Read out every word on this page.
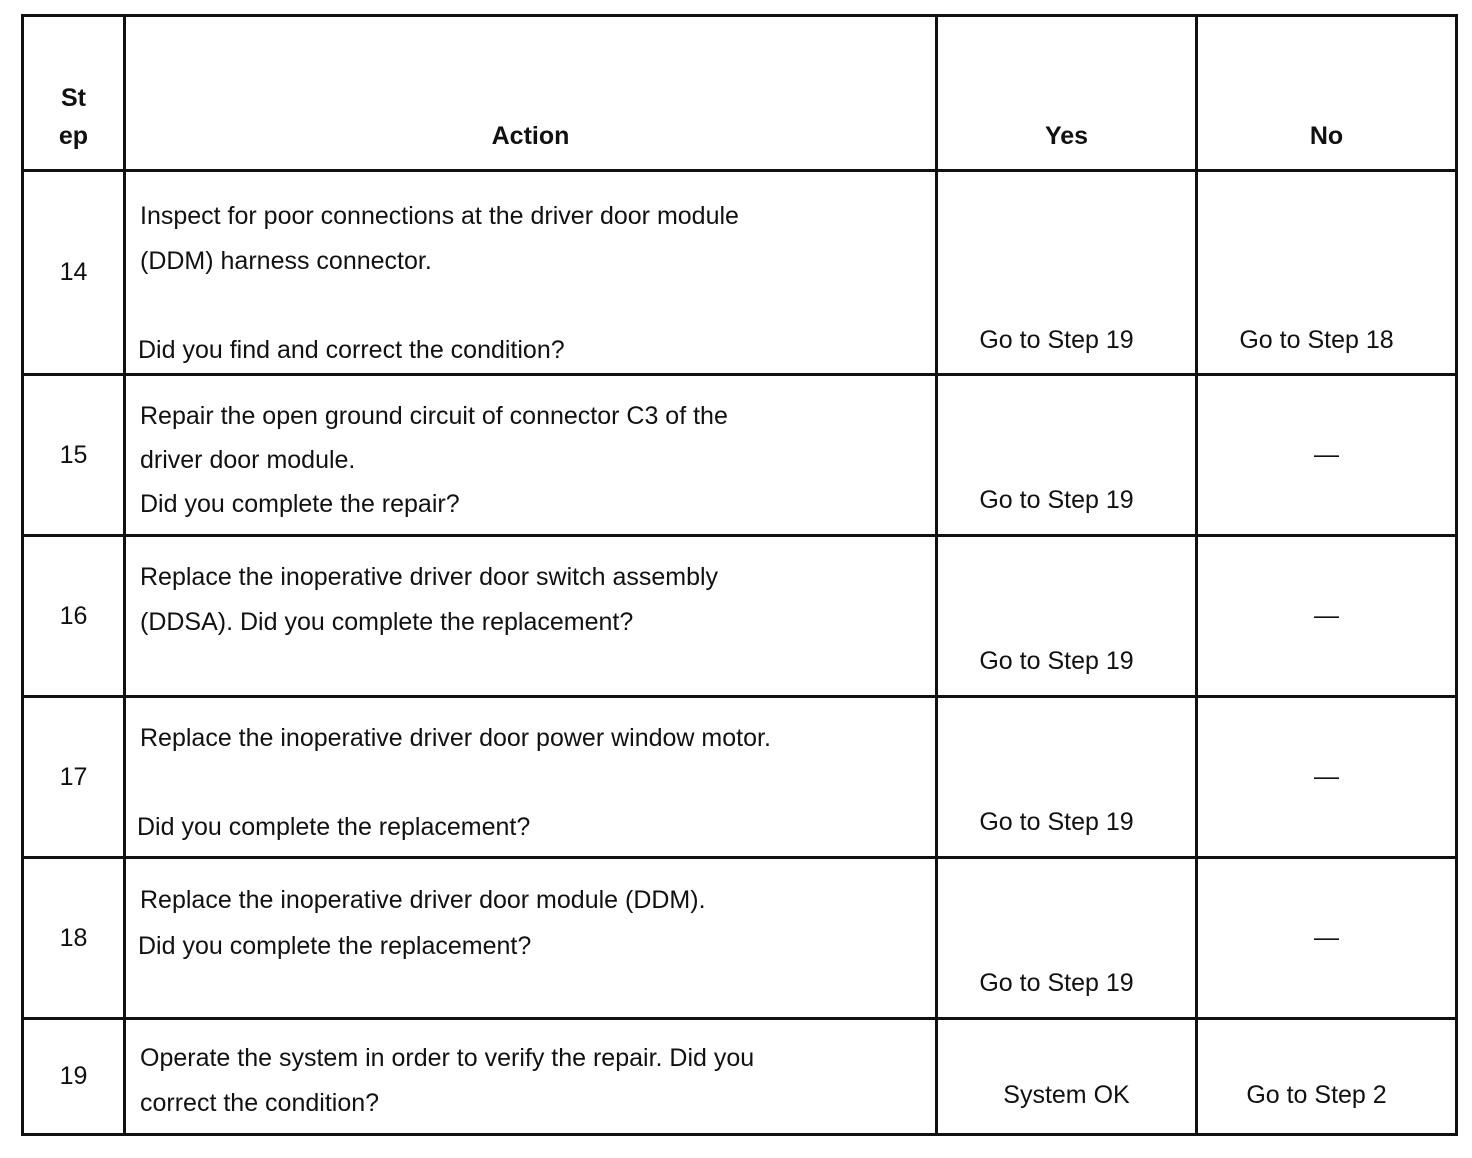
St
ep	Action	Yes	No

14	Inspect for poor connections at the driver door module
(DDM) harness connector.
Did you find and correct the condition?	Go to Step 19	Go to Step 18

15	Repair the open ground circuit of connector C3 of the
driver door module.
Did you complete the repair?	Go to Step 19	—

16	Replace the inoperative driver door switch assembly
(DDSA). Did you complete the replacement?	Go to Step 19	—

17	Replace the inoperative driver door power window motor.
Did you complete the replacement?	Go to Step 19	—

18	Replace the inoperative driver door module (DDM).
Did you complete the replacement?	Go to Step 19	—

19	Operate the system in order to verify the repair. Did you
correct the condition?	System OK	Go to Step 2
